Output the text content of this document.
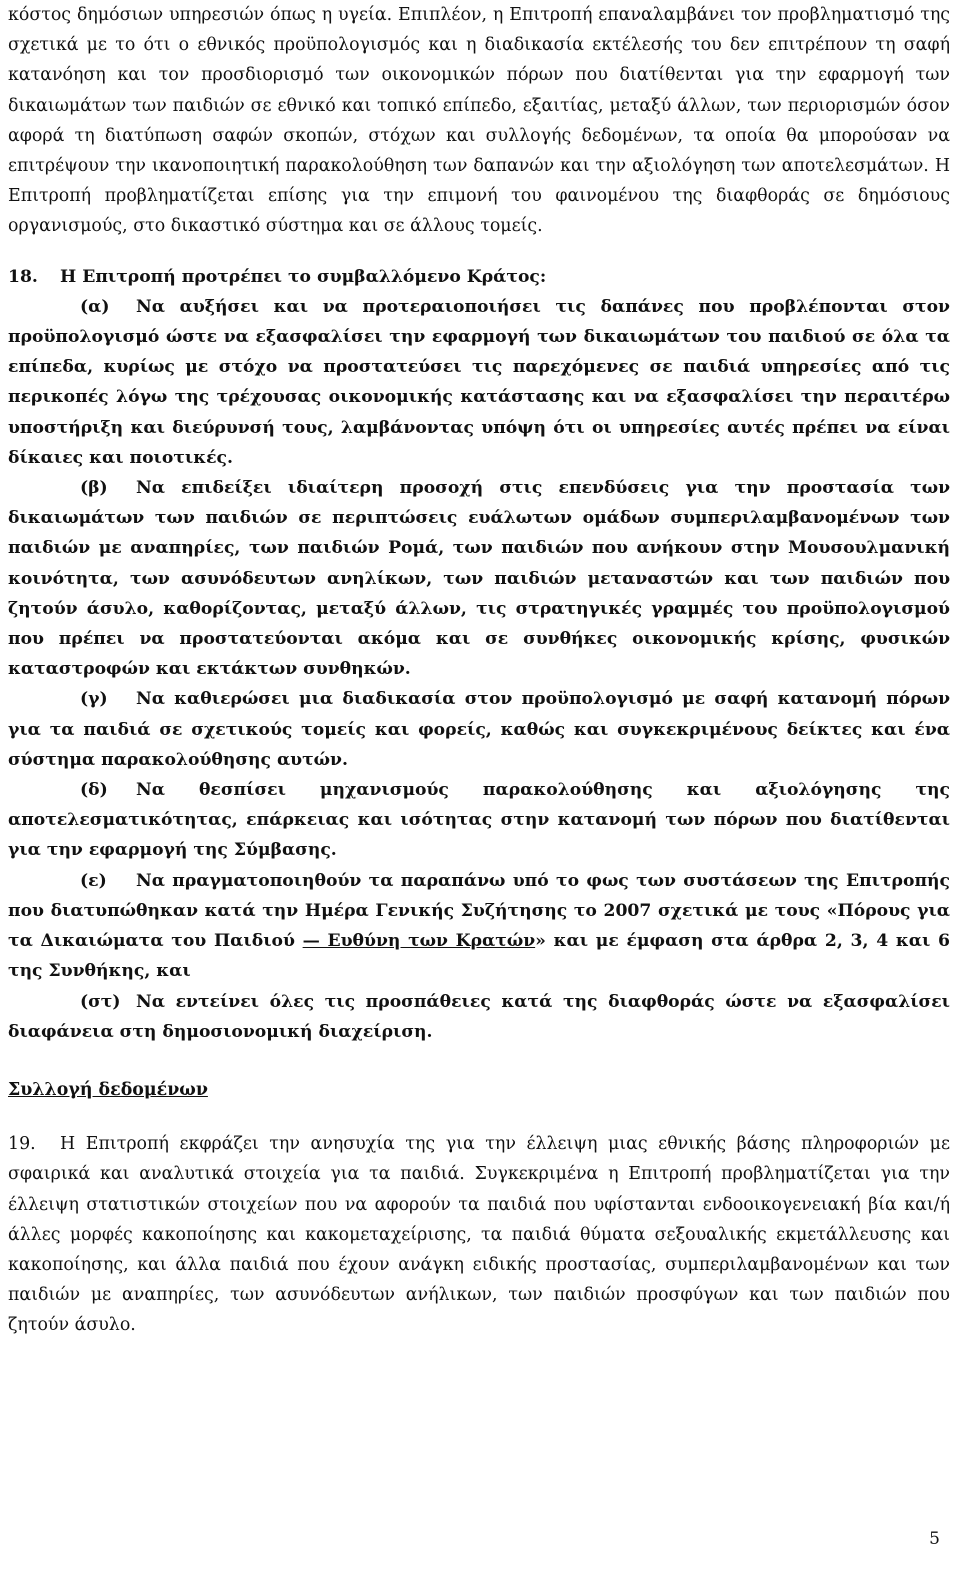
κόστος δημόσιων υπηρεσιών όπως η υγεία. Επιπλέον, η Επιτροπή επαναλαμβάνει τον προβληματισμό της σχετικά με το ότι ο εθνικός προϋπολογισμός και η διαδικασία εκτέλεσής του δεν επιτρέπουν τη σαφή κατανόηση και τον προσδιορισμό των οικονομικών πόρων που διατίθενται για την εφαρμογή των δικαιωμάτων των παιδιών σε εθνικό και τοπικό επίπεδο, εξαιτίας, μεταξύ άλλων, των περιορισμών όσον αφορά τη διατύπωση σαφών σκοπών, στόχων και συλλογής δεδομένων, τα οποία θα μπορούσαν να επιτρέψουν την ικανοποιητική παρακολούθηση των δαπανών και την αξιολόγηση των αποτελεσμάτων. Η Επιτροπή προβληματίζεται επίσης για την επιμονή του φαινομένου της διαφθοράς σε δημόσιους οργανισμούς, στο δικαστικό σύστημα και σε άλλους τομείς.

18. Η Επιτροπή προτρέπει το συμβαλλόμενο Κράτος:

(α) Να αυξήσει και να προτεραιοποιήσει τις δαπάνες που προβλέπονται στον προϋπολογισμό ώστε να εξασφαλίσει την εφαρμογή των δικαιωμάτων του παιδιού σε όλα τα επίπεδα, κυρίως με στόχο να προστατεύσει τις παρεχόμενες σε παιδιά υπηρεσίες από τις περικοπές λόγω της τρέχουσας οικονομικής κατάστασης και να εξασφαλίσει την περαιτέρω υποστήριξη και διεύρυνσή τους, λαμβάνοντας υπόψη ότι οι υπηρεσίες αυτές πρέπει να είναι δίκαιες και ποιοτικές.

(β) Να επιδείξει ιδιαίτερη προσοχή στις επενδύσεις για την προστασία των δικαιωμάτων των παιδιών σε περιπτώσεις ευάλωτων ομάδων συμπεριλαμβανομένων των παιδιών με αναπηρίες, των παιδιών Ρομά, των παιδιών που ανήκουν στην Μουσουλμανική κοινότητα, των ασυνόδευτων ανηλίκων, των παιδιών μεταναστών και των παιδιών που ζητούν άσυλο, καθορίζοντας, μεταξύ άλλων, τις στρατηγικές γραμμές του προϋπολογισμού που πρέπει να προστατεύονται ακόμα και σε συνθήκες οικονομικής κρίσης, φυσικών καταστροφών και εκτάκτων συνθηκών.

(γ) Να καθιερώσει μια διαδικασία στον προϋπολογισμό με σαφή κατανομή πόρων για τα παιδιά σε σχετικούς τομείς και φορείς, καθώς και συγκεκριμένους δείκτες και ένα σύστημα παρακολούθησης αυτών.

(δ) Να θεσπίσει μηχανισμούς παρακολούθησης και αξιολόγησης της αποτελεσματικότητας, επάρκειας και ισότητας στην κατανομή των πόρων που διατίθενται για την εφαρμογή της Σύμβασης.

(ε) Να πραγματοποιηθούν τα παραπάνω υπό το φως των συστάσεων της Επιτροπής που διατυπώθηκαν κατά την Ημέρα Γενικής Συζήτησης το 2007 σχετικά με τους «Πόρους για τα Δικαιώματα του Παιδιού — Ευθύνη των Κρατών» και με έμφαση στα άρθρα 2, 3, 4 και 6 της Συνθήκης, και

(στ) Να εντείνει όλες τις προσπάθειες κατά της διαφθοράς ώστε να εξασφαλίσει διαφάνεια στη δημοσιονομική διαχείριση.

Συλλογή δεδομένων

19. Η Επιτροπή εκφράζει την ανησυχία της για την έλλειψη μιας εθνικής βάσης πληροφοριών με σφαιρικά και αναλυτικά στοιχεία για τα παιδιά. Συγκεκριμένα η Επιτροπή προβληματίζεται για την έλλειψη στατιστικών στοιχείων που να αφορούν τα παιδιά που υφίστανται ενδοοικογενειακή βία και/ή άλλες μορφές κακοποίησης και κακομεταχείρισης, τα παιδιά θύματα σεξουαλικής εκμετάλλευσης και κακοποίησης, και άλλα παιδιά που έχουν ανάγκη ειδικής προστασίας, συμπεριλαμβανομένων και των παιδιών με αναπηρίες, των ασυνόδευτων ανήλικων, των παιδιών προσφύγων και των παιδιών που ζητούν άσυλο.

5
